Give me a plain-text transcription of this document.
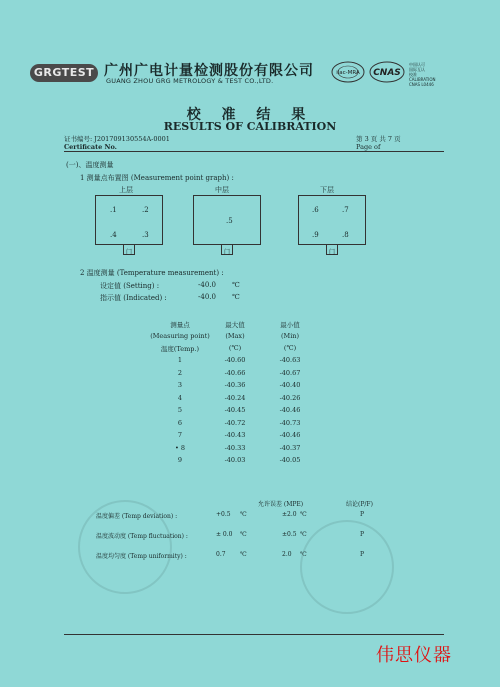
GRGTEST 广州广电计量检测股份有限公司
GUANG ZHOU GRG METROLOGY & TEST CO.,LTD.
ilac-MRA CNAS
中国认可
国际互认
校准
CALIBRATION
CNAS L0446
校 准 结 果
RESULTS OF CALIBRATION
证书编号: J201709130554A-0001
Certificate No.
第 3 页 共 7 页
Page of
(一)、温度测量
1 测量点布置图 (Measurement point graph) :
上层
.1	.2
.4	.3
门
中层
.5
门
下层
.6	.7
.9	.8
门
2 温度测量 (Temperature measurement) :
设定值 (Setting) :	-40.0 ℃
指示值 (Indicated) :	-40.0 ℃
测量点
(Measuring point)
温度(Temp.)
最大值
(Max)
(℃)
最小值
(Min)
(℃)
1	-40.60	-40.63
2	-40.66	-40.67
3	-40.36	-40.40
4	-40.24	-40.26
5	-40.45	-40.46
6	-40.72	-40.73
7	-40.43	-40.46
• 8	-40.33	-40.37
9	-40.03	-40.05
允许误差 (MPE)	结论(P/F)
温度偏差 (Temp deviation) :	+0.5 ℃	±2.0 ℃	P
温度波动度 (Temp fluctuation) :	± 0.0 ℃	±0.5 ℃	P
温度均匀度 (Temp uniformity) :	0.7 ℃	2.0 ℃	P
伟思仪器
